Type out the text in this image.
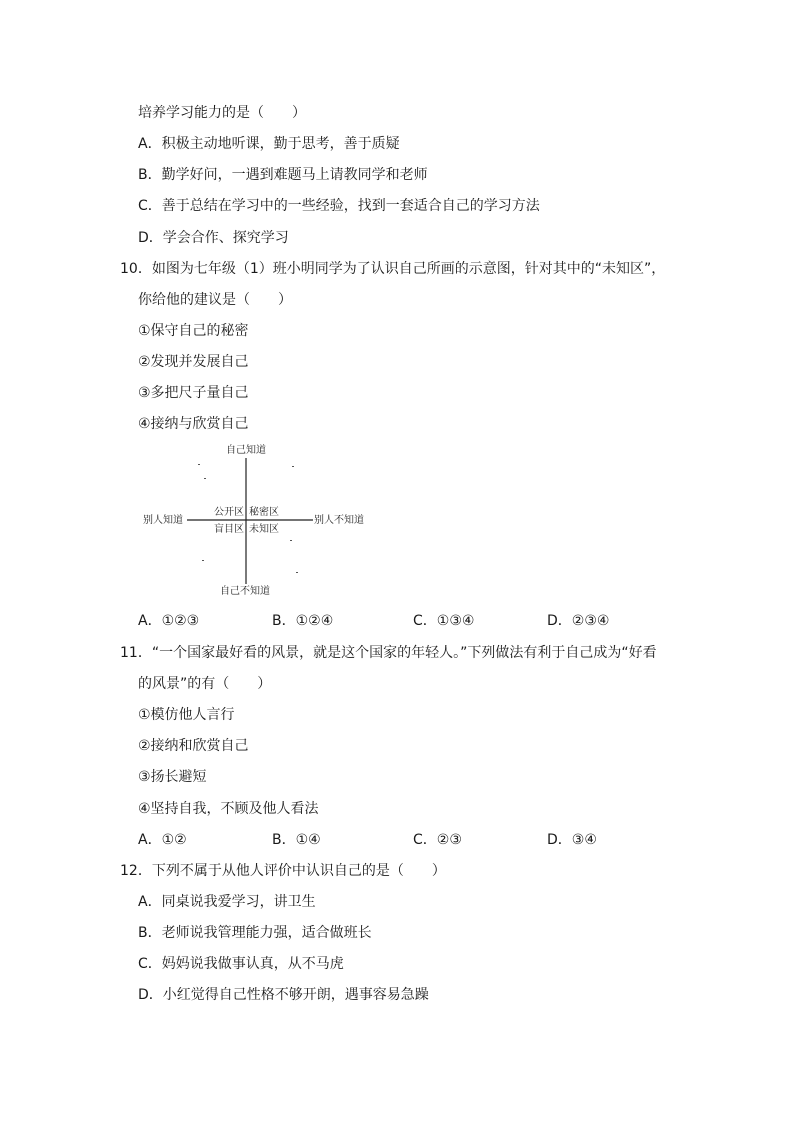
培养学习能力的是（　　）
A．积极主动地听课，勤于思考，善于质疑
B．勤学好问，一遇到难题马上请教同学和老师
C．善于总结在学习中的一些经验，找到一套适合自己的学习方法
D．学会合作、探究学习
10．如图为七年级（1）班小明同学为了认识自己所画的示意图，针对其中的“未知区”，
你给他的建议是（　　）
①保守自己的秘密
②发现并发展自己
③多把尺子量自己
④接纳与欣赏自己
自己知道
自己不知道
别人知道	别人不知道
公开区 秘密区
盲目区 未知区
A．①②③	B．①②④	C．①③④	D．②③④
11．“一个国家最好看的风景，就是这个国家的年轻人。”下列做法有利于自己成为“好看
的风景”的有（　　）
①模仿他人言行
②接纳和欣赏自己
③扬长避短
④坚持自我，不顾及他人看法
A．①②	B．①④	C．②③	D．③④
12．下列不属于从他人评价中认识自己的是（　　）
A．同桌说我爱学习，讲卫生
B．老师说我管理能力强，适合做班长
C．妈妈说我做事认真，从不马虎
D．小红觉得自己性格不够开朗，遇事容易急躁
